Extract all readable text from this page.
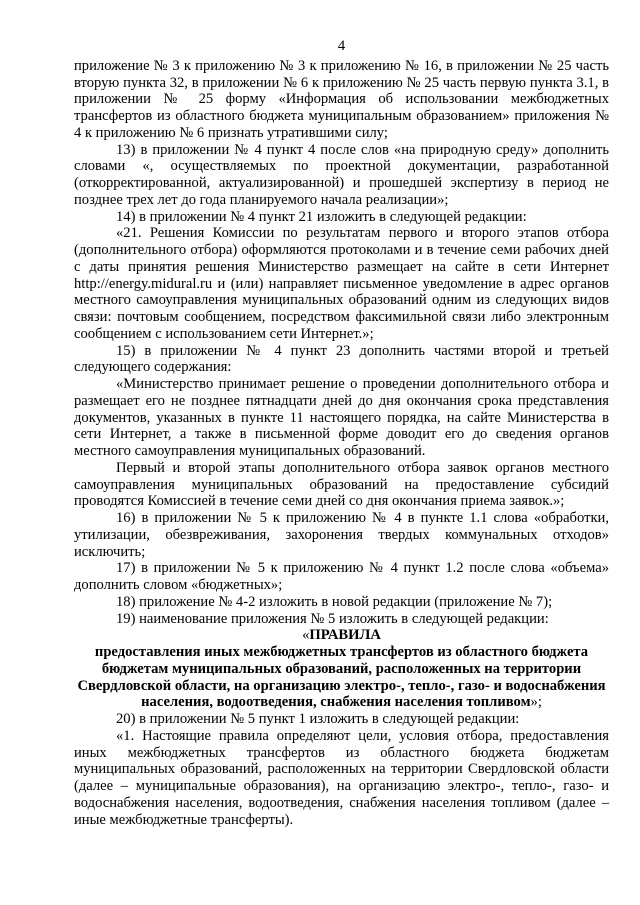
4
приложение № 3 к приложению № 3 к приложению № 16, в приложении № 25 часть вторую пункта 32, в приложении № 6 к приложению № 25 часть первую пункта 3.1, в приложении № 25 форму «Информация об использовании межбюджетных трансфертов из областного бюджета муниципальным образованием» приложения № 4 к приложению № 6 признать утратившими силу;
13) в приложении № 4 пункт 4 после слов «на природную среду» дополнить словами «, осуществляемых по проектной документации, разработанной (откорректированной, актуализированной) и прошедшей экспертизу в период не позднее трех лет до года планируемого начала реализации»;
14) в приложении № 4 пункт 21 изложить в следующей редакции:
«21. Решения Комиссии по результатам первого и второго этапов отбора (дополнительного отбора) оформляются протоколами и в течение семи рабочих дней с даты принятия решения Министерство размещает на сайте в сети Интернет http://energy.midural.ru и (или) направляет письменное уведомление в адрес органов местного самоуправления муниципальных образований одним из следующих видов связи: почтовым сообщением, посредством факсимильной связи либо электронным сообщением с использованием сети Интернет.»;
15) в приложении № 4 пункт 23 дополнить частями второй и третьей следующего содержания:
«Министерство принимает решение о проведении дополнительного отбора и размещает его не позднее пятнадцати дней до дня окончания срока представления документов, указанных в пункте 11 настоящего порядка, на сайте Министерства в сети Интернет, а также в письменной форме доводит его до сведения органов местного самоуправления муниципальных образований.
Первый и второй этапы дополнительного отбора заявок органов местного самоуправления муниципальных образований на предоставление субсидий проводятся Комиссией в течение семи дней со дня окончания приема заявок.»;
16) в приложении № 5 к приложению № 4 в пункте 1.1 слова «обработки, утилизации, обезвреживания, захоронения твердых коммунальных отходов» исключить;
17) в приложении № 5 к приложению № 4 пункт 1.2 после слова «объема» дополнить словом «бюджетных»;
18) приложение № 4-2 изложить в новой редакции (приложение № 7);
19) наименование приложения № 5 изложить в следующей редакции:
«ПРАВИЛА
предоставления иных межбюджетных трансфертов из областного бюджета
бюджетам муниципальных образований, расположенных на территории
Свердловской области, на организацию электро-, тепло-, газо- и водоснабжения
населения, водоотведения, снабжения населения топливом»;
20) в приложении № 5 пункт 1 изложить в следующей редакции:
«1. Настоящие правила определяют цели, условия отбора, предоставления иных межбюджетных трансфертов из областного бюджета бюджетам муниципальных образований, расположенных на территории Свердловской области (далее – муниципальные образования), на организацию электро-, тепло-, газо- и водоснабжения населения, водоотведения, снабжения населения топливом (далее – иные межбюджетные трансферты).
